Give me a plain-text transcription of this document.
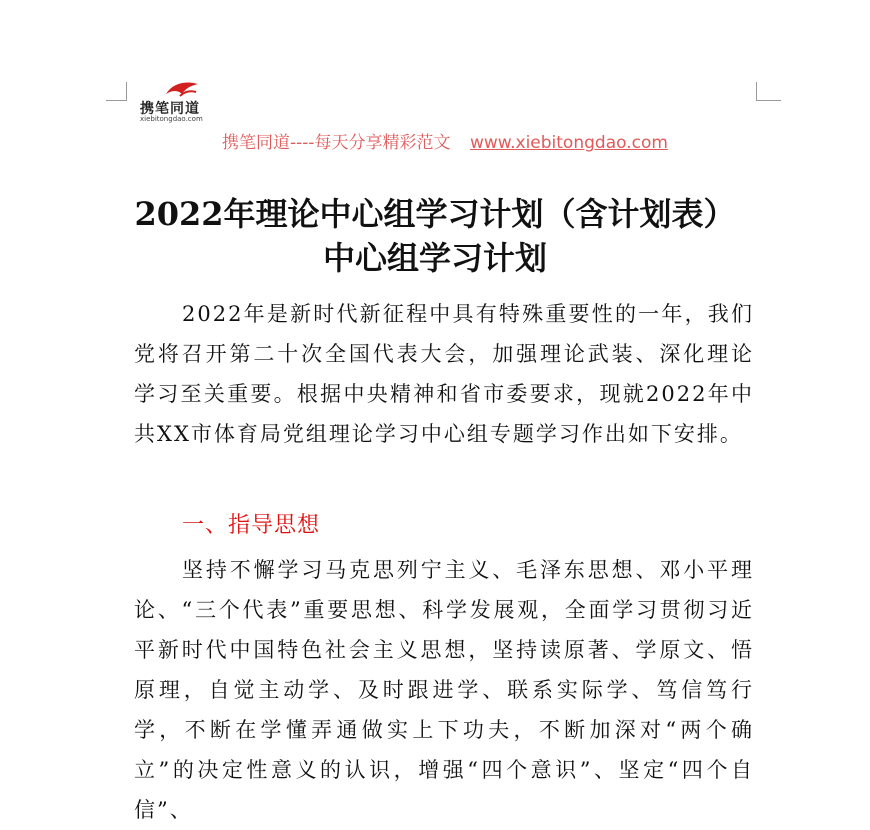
携笔同道
xiebitongdao.com
携笔同道----每天分享精彩范文 www.xiebitongdao.com
2022年理论中心组学习计划（含计划表）中心组学习计划
2022年是新时代新征程中具有特殊重要性的一年，我们党将召开第二十次全国代表大会，加强理论武装、深化理论学习至关重要。根据中央精神和省市委要求，现就2022年中共XX市体育局党组理论学习中心组专题学习作出如下安排。
一、指导思想
坚持不懈学习马克思列宁主义、毛泽东思想、邓小平理论、“三个代表”重要思想、科学发展观，全面学习贯彻习近平新时代中国特色社会主义思想，坚持读原著、学原文、悟原理，自觉主动学、及时跟进学、联系实际学、笃信笃行学，不断在学懂弄通做实上下功夫，不断加深对“两个确立”的决定性意义的认识，增强“四个意识”、坚定“四个自信”、
